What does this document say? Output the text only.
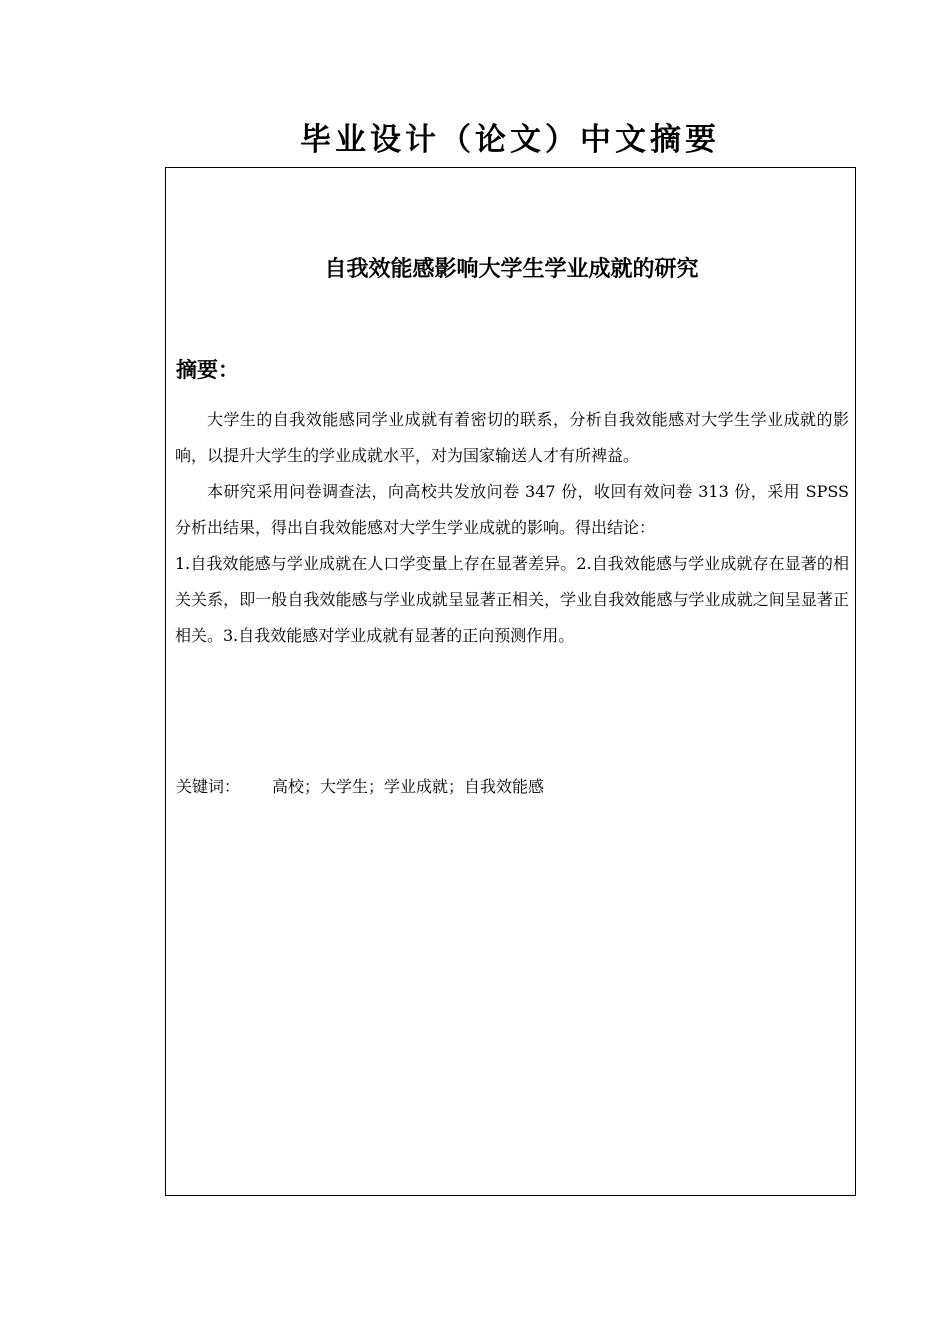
毕业设计（论文）中文摘要
自我效能感影响大学生学业成就的研究
摘要：

大学生的自我效能感同学业成就有着密切的联系，分析自我效能感对大学生学业成就的影响，以提升大学生的学业成就水平，对为国家输送人才有所裨益。

本研究采用问卷调查法，向高校共发放问卷 347 份，收回有效问卷 313 份，采用 SPSS 分析出结果，得出自我效能感对大学生学业成就的影响。得出结论：

1.自我效能感与学业成就在人口学变量上存在显著差异。2.自我效能感与学业成就存在显著的相关关系，即一般自我效能感与学业成就呈显著正相关，学业自我效能感与学业成就之间呈显著正相关。3.自我效能感对学业成就有显著的正向预测作用。

关键词： 高校；大学生；学业成就；自我效能感
